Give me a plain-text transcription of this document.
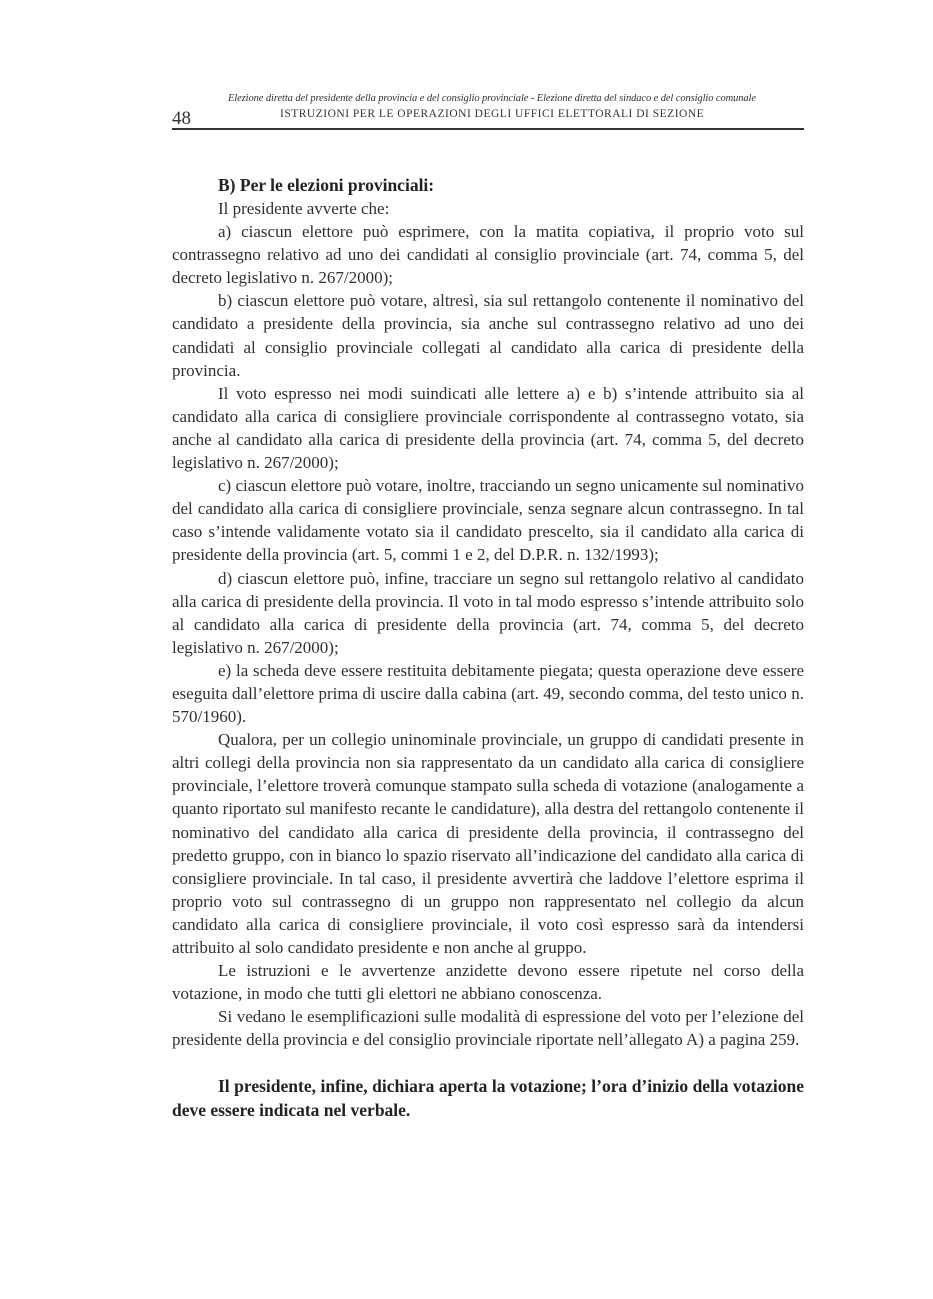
48
Elezione diretta del presidente della provincia e del consiglio provinciale - Elezione diretta del sindaco e del consiglio comunale
ISTRUZIONI PER LE OPERAZIONI DEGLI UFFICI ELETTORALI DI SEZIONE

B) Per le elezioni provinciali:

Il presidente avverte che:

a) ciascun elettore può esprimere, con la matita copiativa, il proprio voto sul contrassegno relativo ad uno dei candidati al consiglio provinciale (art. 74, comma 5, del decreto legislativo n. 267/2000);

b) ciascun elettore può votare, altresì, sia sul rettangolo contenente il nominativo del candidato a presidente della provincia, sia anche sul contrassegno relativo ad uno dei candidati al consiglio provinciale collegati al candidato alla carica di presidente della provincia.

Il voto espresso nei modi suindicati alle lettere a) e b) s’intende attribuito sia al candidato alla carica di consigliere provinciale corrispondente al contrassegno votato, sia anche al candidato alla carica di presidente della provincia (art. 74, comma 5, del decreto legislativo n. 267/2000);

c) ciascun elettore può votare, inoltre, tracciando un segno unicamente sul nominativo del candidato alla carica di consigliere provinciale, senza segnare alcun contrassegno. In tal caso s’intende validamente votato sia il candidato prescelto, sia il candidato alla carica di presidente della provincia (art. 5, commi 1 e 2, del D.P.R. n. 132/1993);

d) ciascun elettore può, infine, tracciare un segno sul rettangolo relativo al candidato alla carica di presidente della provincia. Il voto in tal modo espresso s’intende attribuito solo al candidato alla carica di presidente della provincia (art. 74, comma 5, del decreto legislativo n. 267/2000);

e) la scheda deve essere restituita debitamente piegata; questa operazione deve essere eseguita dall’elettore prima di uscire dalla cabina (art. 49, secondo comma, del testo unico n. 570/1960).

Qualora, per un collegio uninominale provinciale, un gruppo di candidati presente in altri collegi della provincia non sia rappresentato da un candidato alla carica di consigliere provinciale, l’elettore troverà comunque stampato sulla scheda di votazione (analogamente a quanto riportato sul manifesto recante le candidature), alla destra del rettangolo contenente il nominativo del candidato alla carica di presidente della provincia, il contrassegno del predetto gruppo, con in bianco lo spazio riservato all’indicazione del candidato alla carica di consigliere provinciale. In tal caso, il presidente avvertirà che laddove l’elettore esprima il proprio voto sul contrassegno di un gruppo non rappresentato nel collegio da alcun candidato alla carica di consigliere provinciale, il voto così espresso sarà da intendersi attribuito al solo candidato presidente e non anche al gruppo.

Le istruzioni e le avvertenze anzidette devono essere ripetute nel corso della votazione, in modo che tutti gli elettori ne abbiano conoscenza.

Si vedano le esemplificazioni sulle modalità di espressione del voto per l’elezione del presidente della provincia e del consiglio provinciale riportate nell’allegato A) a pagina 259.

Il presidente, infine, dichiara aperta la votazione; l’ora d’inizio della votazione deve essere indicata nel verbale.
